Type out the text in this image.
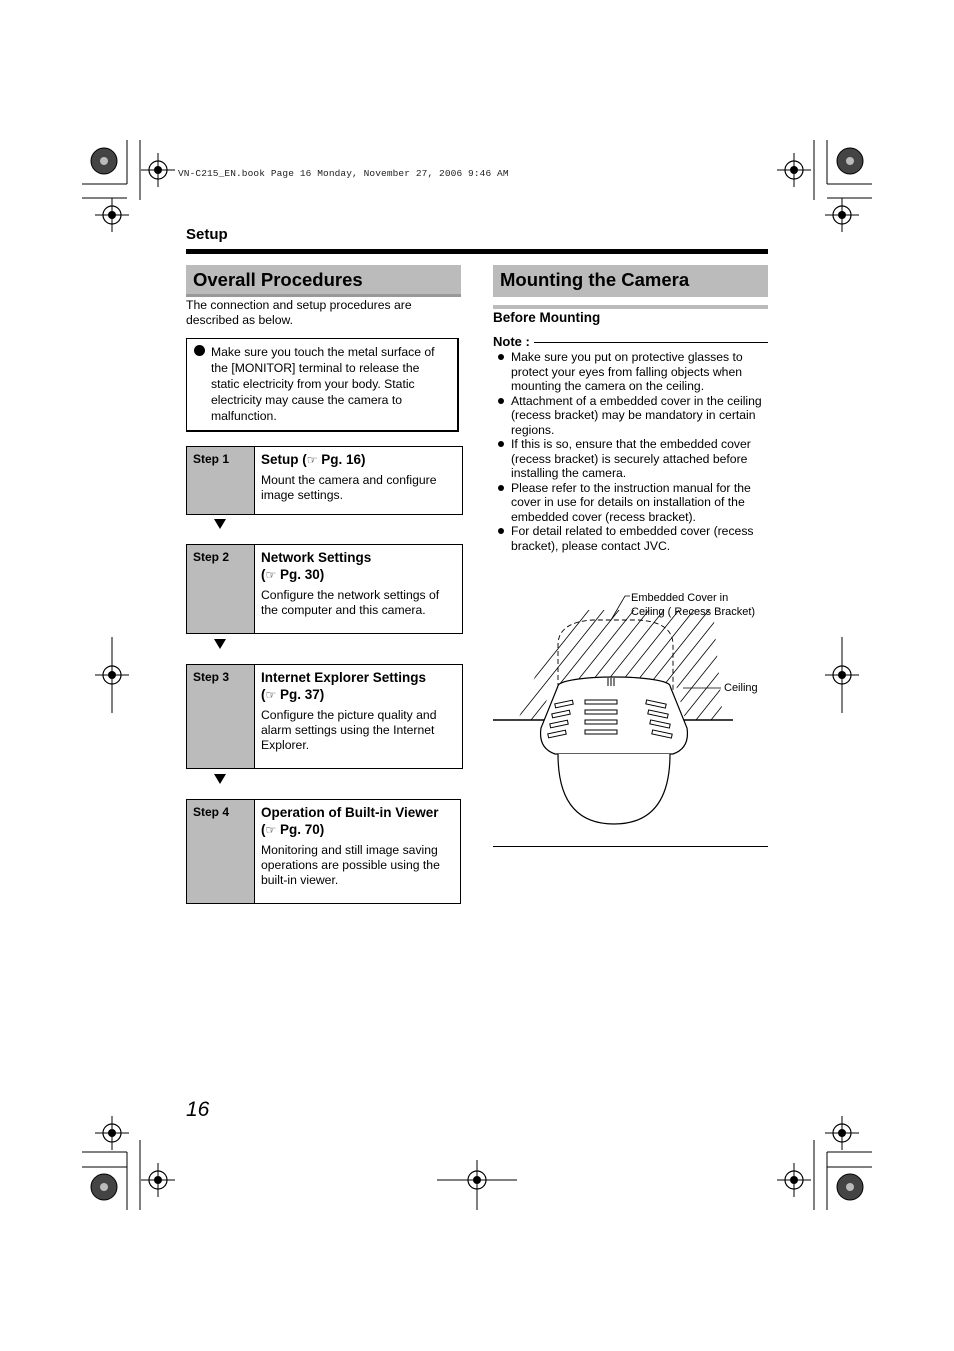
VN-C215_EN.book Page 16 Monday, November 27, 2006 9:46 AM
Setup
Overall Procedures	Mounting the Camera
The connection and setup procedures are described as below.
Make sure you touch the metal surface of the [MONITOR] terminal to release the static electricity from your body. Static electricity may cause the camera to malfunction.
Step 1	Setup (☞ Pg. 16)
Mount the camera and configure image settings.
Step 2	Network Settings
(☞ Pg. 30)
Configure the network settings of the computer and this camera.
Step 3	Internet Explorer Settings
(☞ Pg. 37)
Configure the picture quality and alarm settings using the Internet Explorer.
Step 4	Operation of Built-in Viewer
(☞ Pg. 70)
Monitoring and still image saving operations are possible using the built-in viewer.
Before Mounting
Note :
Make sure you put on protective glasses to protect your eyes from falling objects when mounting the camera on the ceiling.
Attachment of a embedded cover in the ceiling (recess bracket) may be mandatory in certain regions.
If this is so, ensure that the embedded cover (recess bracket) is securely attached before installing the camera.
Please refer to the instruction manual for the cover in use for details on installation of the embedded cover (recess bracket).
For detail related to embedded cover (recess bracket), please contact JVC.
Embedded Cover in
Ceiling ( Recess Bracket)
Ceiling
16
